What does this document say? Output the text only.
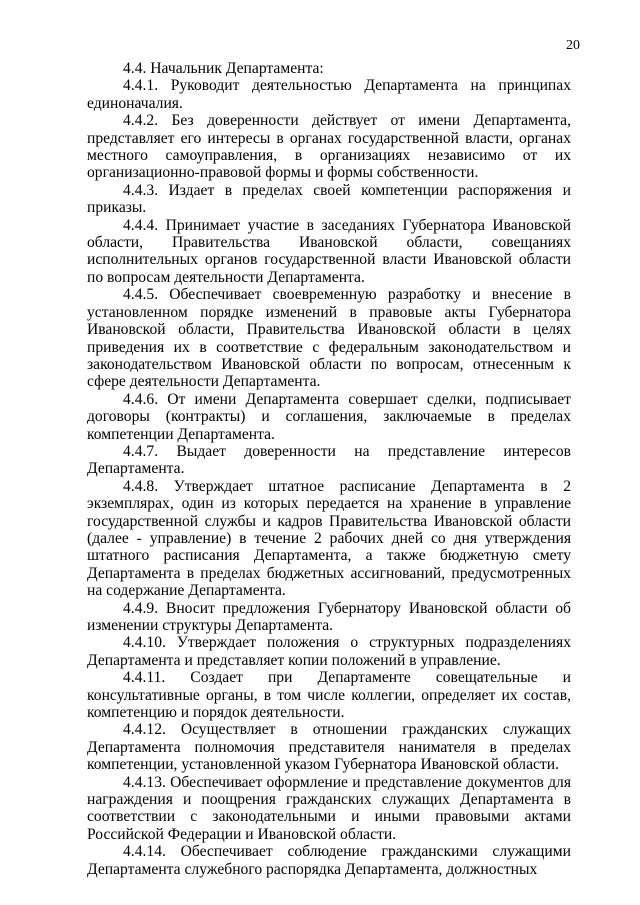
20

4.4. Начальник Департамента:

4.4.1. Руководит деятельностью Департамента на принципах единоначалия.

4.4.2. Без доверенности действует от имени Департамента, представляет его интересы в органах государственной власти, органах местного самоуправления, в организациях независимо от их организационно-правовой формы и формы собственности.

4.4.3. Издает в пределах своей компетенции распоряжения и приказы.

4.4.4. Принимает участие в заседаниях Губернатора Ивановской области, Правительства Ивановской области, совещаниях исполнительных органов государственной власти Ивановской области по вопросам деятельности Департамента.

4.4.5. Обеспечивает своевременную разработку и внесение в установленном порядке изменений в правовые акты Губернатора Ивановской области, Правительства Ивановской области в целях приведения их в соответствие с федеральным законодательством и законодательством Ивановской области по вопросам, отнесенным к сфере деятельности Департамента.

4.4.6. От имени Департамента совершает сделки, подписывает договоры (контракты) и соглашения, заключаемые в пределах компетенции Департамента.

4.4.7. Выдает доверенности на представление интересов Департамента.

4.4.8. Утверждает штатное расписание Департамента в 2 экземплярах, один из которых передается на хранение в управление государственной службы и кадров Правительства Ивановской области (далее - управление) в течение 2 рабочих дней со дня утверждения штатного расписания Департамента, а также бюджетную смету Департамента в пределах бюджетных ассигнований, предусмотренных на содержание Департамента.

4.4.9. Вносит предложения Губернатору Ивановской области об изменении структуры Департамента.

4.4.10. Утверждает положения о структурных подразделениях Департамента и представляет копии положений в управление.

4.4.11. Создает при Департаменте совещательные и консультативные органы, в том числе коллегии, определяет их состав, компетенцию и порядок деятельности.

4.4.12. Осуществляет в отношении гражданских служащих Департамента полномочия представителя нанимателя в пределах компетенции, установленной указом Губернатора Ивановской области.

4.4.13. Обеспечивает оформление и представление документов для награждения и поощрения гражданских служащих Департамента в соответствии с законодательными и иными правовыми актами Российской Федерации и Ивановской области.

4.4.14. Обеспечивает соблюдение гражданскими служащими Департамента служебного распорядка Департамента, должностных
